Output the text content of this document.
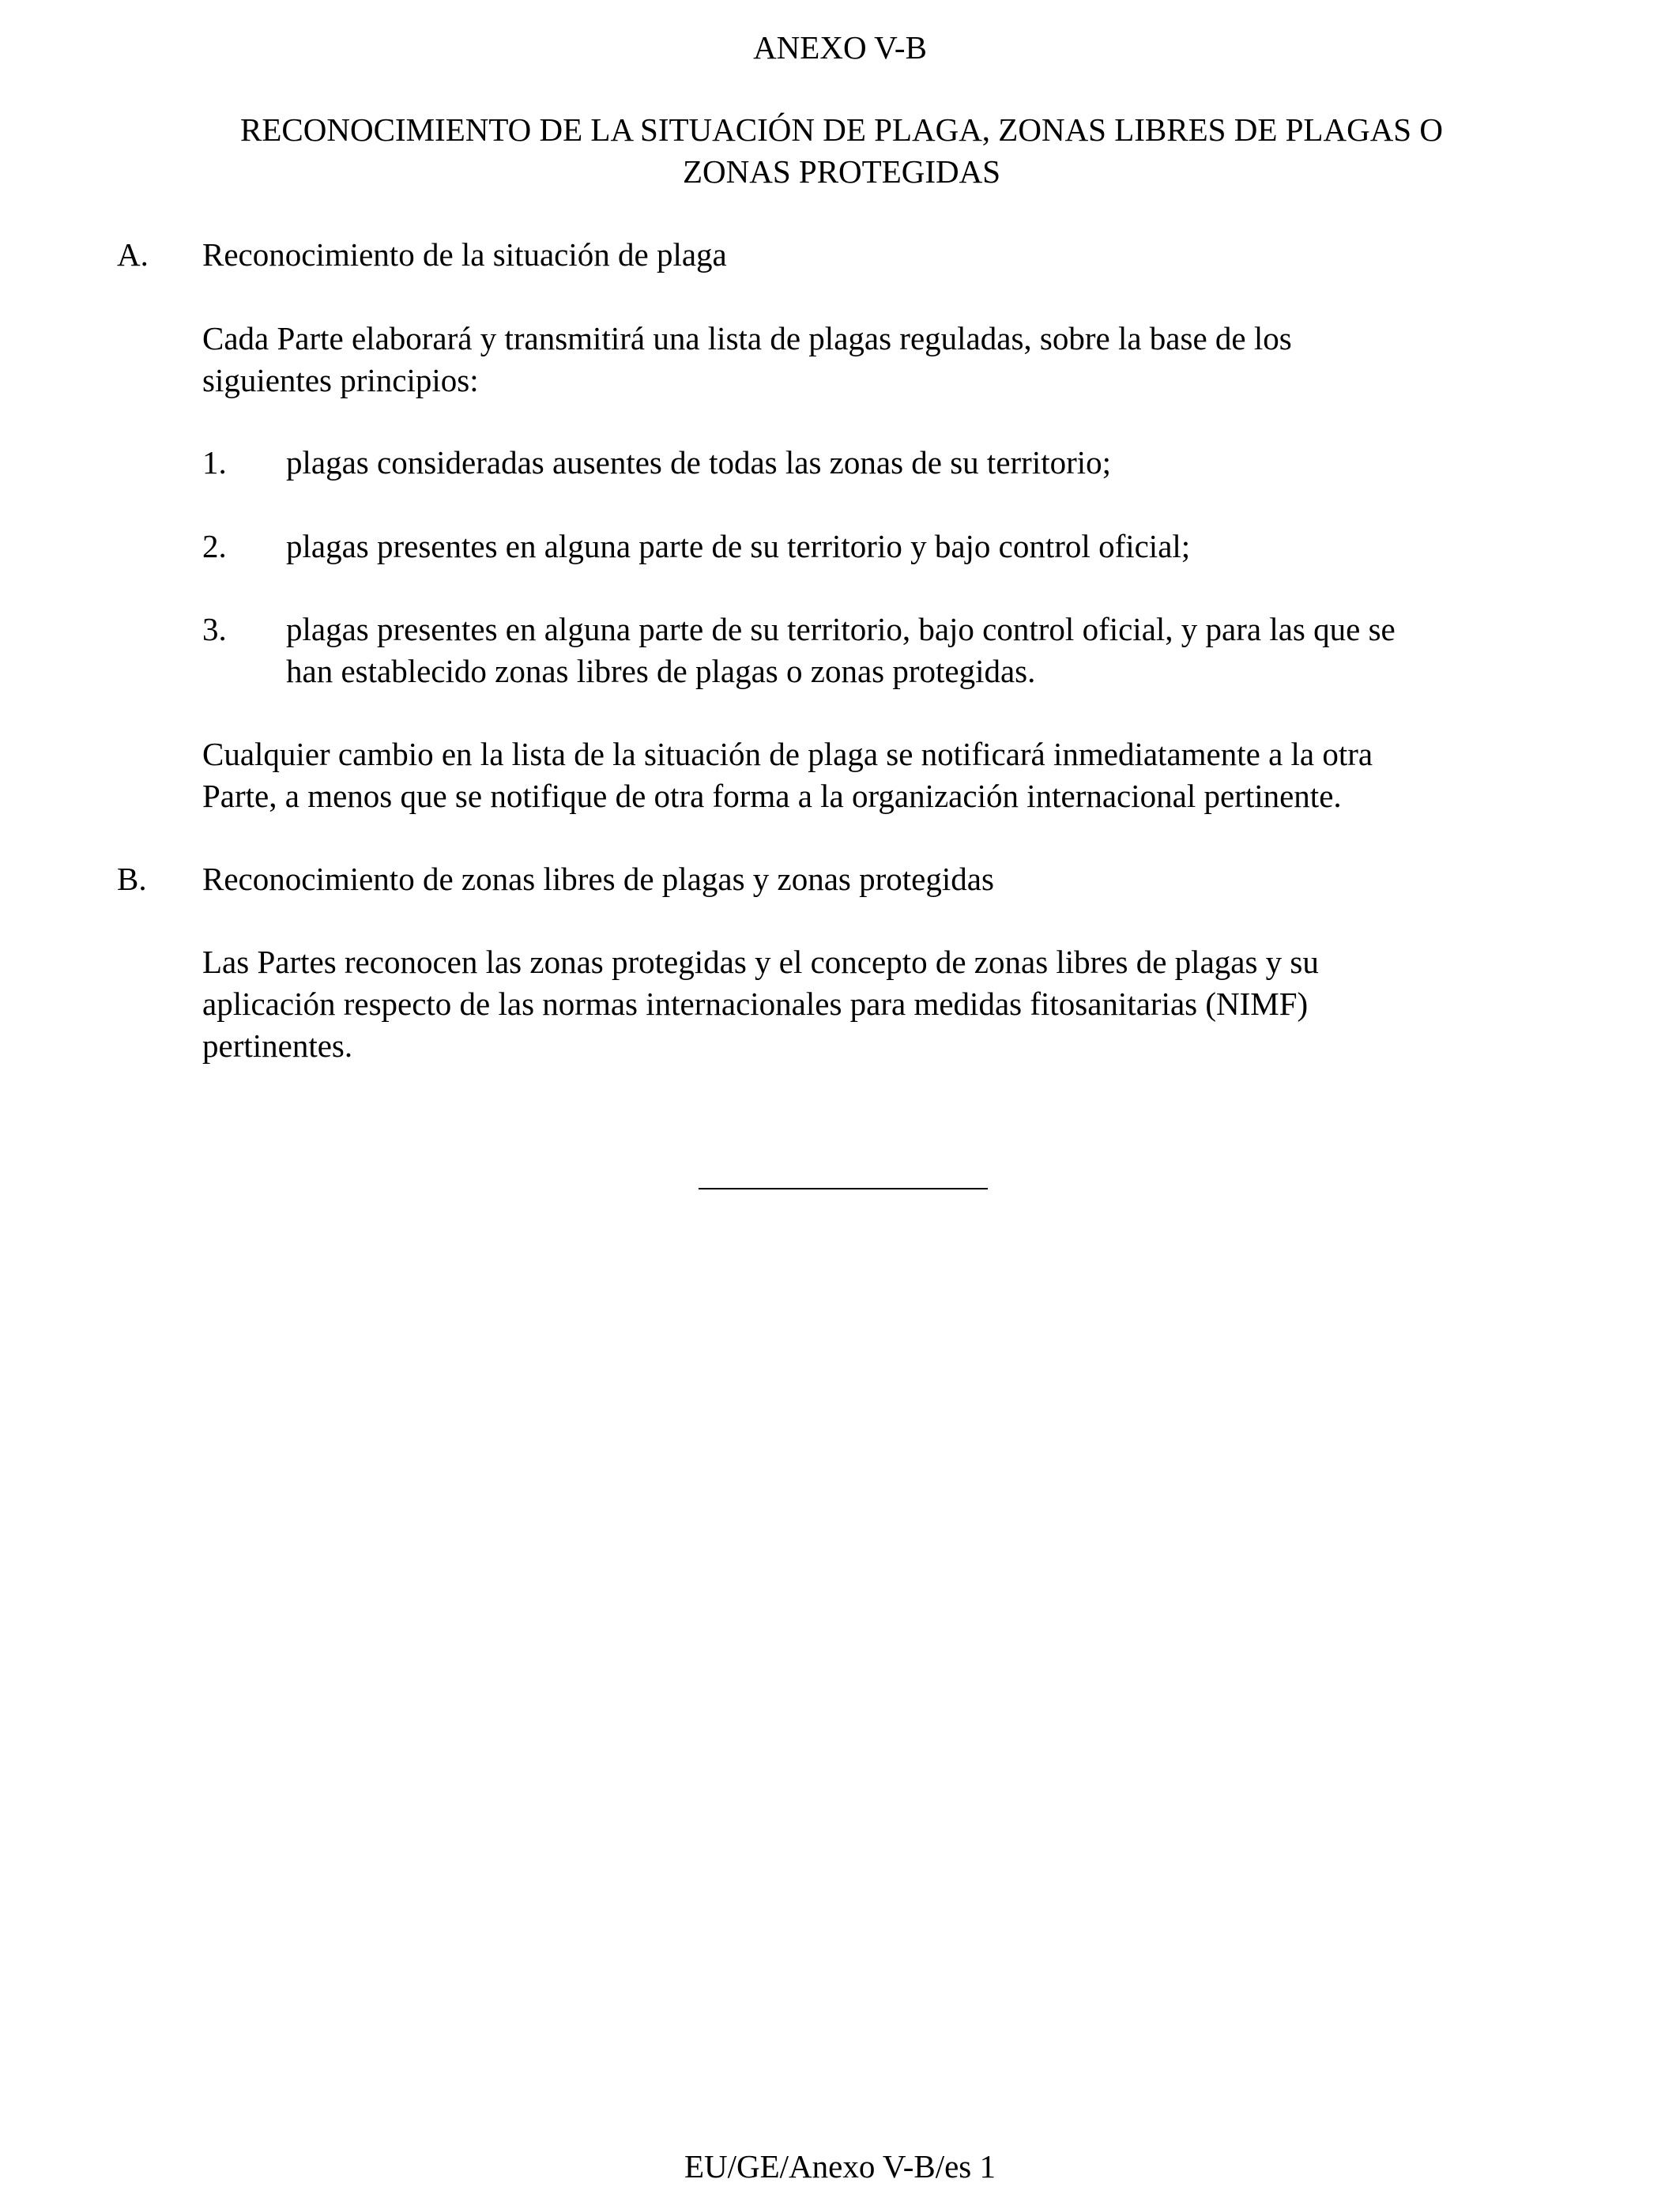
ANEXO V-B
RECONOCIMIENTO DE LA SITUACIÓN DE PLAGA, ZONAS LIBRES DE PLAGAS O
ZONAS PROTEGIDAS
A. Reconocimiento de la situación de plaga
Cada Parte elaborará y transmitirá una lista de plagas reguladas, sobre la base de los
siguientes principios:
1. plagas consideradas ausentes de todas las zonas de su territorio;
2. plagas presentes en alguna parte de su territorio y bajo control oficial;
3. plagas presentes en alguna parte de su territorio, bajo control oficial, y para las que se
han establecido zonas libres de plagas o zonas protegidas.
Cualquier cambio en la lista de la situación de plaga se notificará inmediatamente a la otra
Parte, a menos que se notifique de otra forma a la organización internacional pertinente.
B. Reconocimiento de zonas libres de plagas y zonas protegidas
Las Partes reconocen las zonas protegidas y el concepto de zonas libres de plagas y su
aplicación respecto de las normas internacionales para medidas fitosanitarias (NIMF)
pertinentes.
EU/GE/Anexo V-B/es 1
